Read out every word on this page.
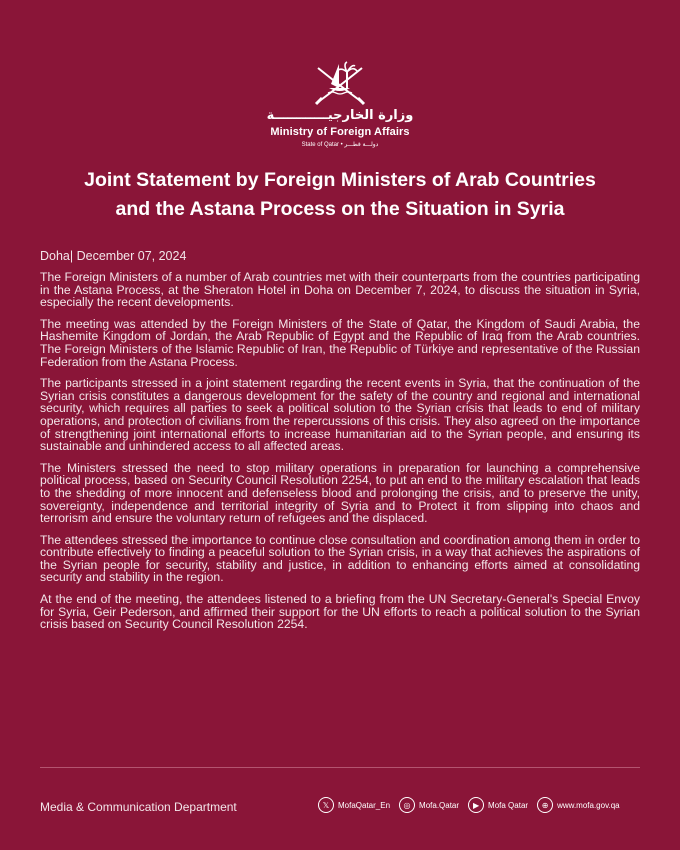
وزارة الخارجيــــــــــــة
Ministry of Foreign Affairs
State of Qatar • دولـــة قطـــر
Joint Statement by Foreign Ministers of Arab Countries
and the Astana Process on the Situation in Syria
Doha| December 07, 2024

The Foreign Ministers of a number of Arab countries met with their counterparts from the countries participating in the Astana Process, at the Sheraton Hotel in Doha on December 7, 2024, to discuss the situation in Syria, especially the recent developments.

The meeting was attended by the Foreign Ministers of the State of Qatar, the Kingdom of Saudi Arabia, the Hashemite Kingdom of Jordan, the Arab Republic of Egypt and the Republic of Iraq from the Arab countries. The Foreign Ministers of the Islamic Republic of Iran, the Republic of Türkiye and representative of the Russian Federation from the Astana Process.

The participants stressed in a joint statement regarding the recent events in Syria, that the continuation of the Syrian crisis constitutes a dangerous development for the safety of the country and regional and international security, which requires all parties to seek a political solution to the Syrian crisis that leads to end of military operations, and protection of civilians from the repercussions of this crisis. They also agreed on the importance of strengthening joint international efforts to increase humanitarian aid to the Syrian people, and ensuring its sustainable and unhindered access to all affected areas.

The Ministers stressed the need to stop military operations in preparation for launching a comprehensive political process, based on Security Council Resolution 2254, to put an end to the military escalation that leads to the shedding of more innocent and defenseless blood and prolonging the crisis, and to preserve the unity, sovereignty, independence and territorial integrity of Syria and to Protect it from slipping into chaos and terrorism and ensure the voluntary return of refugees and the displaced.

The attendees stressed the importance to continue close consultation and coordination among them in order to contribute effectively to finding a peaceful solution to the Syrian crisis, in a way that achieves the aspirations of the Syrian people for security, stability and justice, in addition to enhancing efforts aimed at consolidating security and stability in the region.

At the end of the meeting, the attendees listened to a briefing from the UN Secretary-General's Special Envoy for Syria, Geir Pederson, and affirmed their support for the UN efforts to reach a political solution to the Syrian crisis based on Security Council Resolution 2254.

Media & Communication Department	𝕏	MofaQatar_En	◎	Mofa.Qatar	▶	Mofa Qatar	⊕	www.mofa.gov.qa
